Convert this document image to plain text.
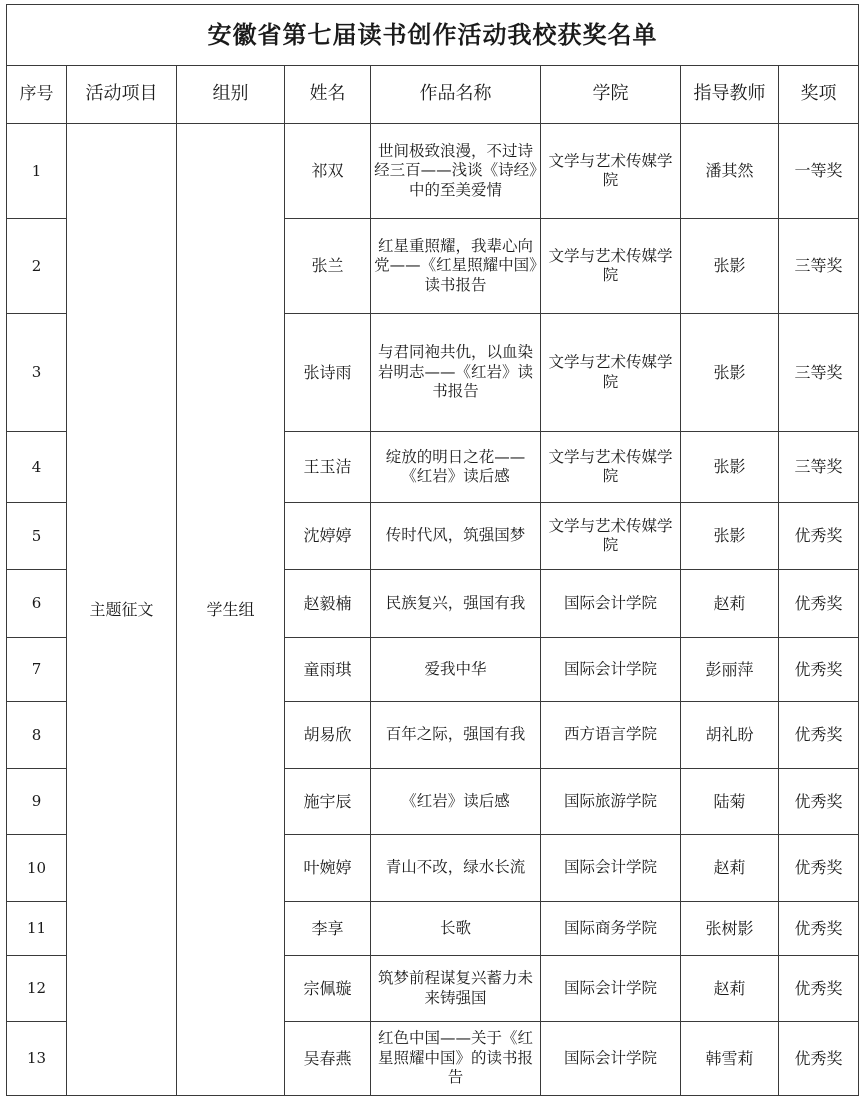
安徽省第七届读书创作活动我校获奖名单							
序号	活动项目	组别	姓名	作品名称	学院	指导教师	奖项
1	主题征文	学生组	祁双	世间极致浪漫，不过诗经三百——浅谈《诗经》中的至美爱情	文学与艺术传媒学院	潘其然	一等奖
2			张兰	红星重照耀，我辈心向党——《红星照耀中国》读书报告	文学与艺术传媒学院	张影	三等奖
3			张诗雨	与君同袍共仇，以血染岩明志——《红岩》读书报告	文学与艺术传媒学院	张影	三等奖
4			王玉洁	绽放的明日之花——《红岩》读后感	文学与艺术传媒学院	张影	三等奖
5			沈婷婷	传时代风，筑强国梦	文学与艺术传媒学院	张影	优秀奖
6			赵毅楠	民族复兴，强国有我	国际会计学院	赵莉	优秀奖
7			童雨琪	爱我中华	国际会计学院	彭丽萍	优秀奖
8			胡易欣	百年之际，强国有我	西方语言学院	胡礼盼	优秀奖
9			施宇辰	《红岩》读后感	国际旅游学院	陆菊	优秀奖
10			叶婉婷	青山不改，绿水长流	国际会计学院	赵莉	优秀奖
11			李享	长歌	国际商务学院	张树影	优秀奖
12			宗佩璇	筑梦前程谋复兴蓄力未来铸强国	国际会计学院	赵莉	优秀奖
13			吴春燕	红色中国——关于《红星照耀中国》的读书报告	国际会计学院	韩雪莉	优秀奖
